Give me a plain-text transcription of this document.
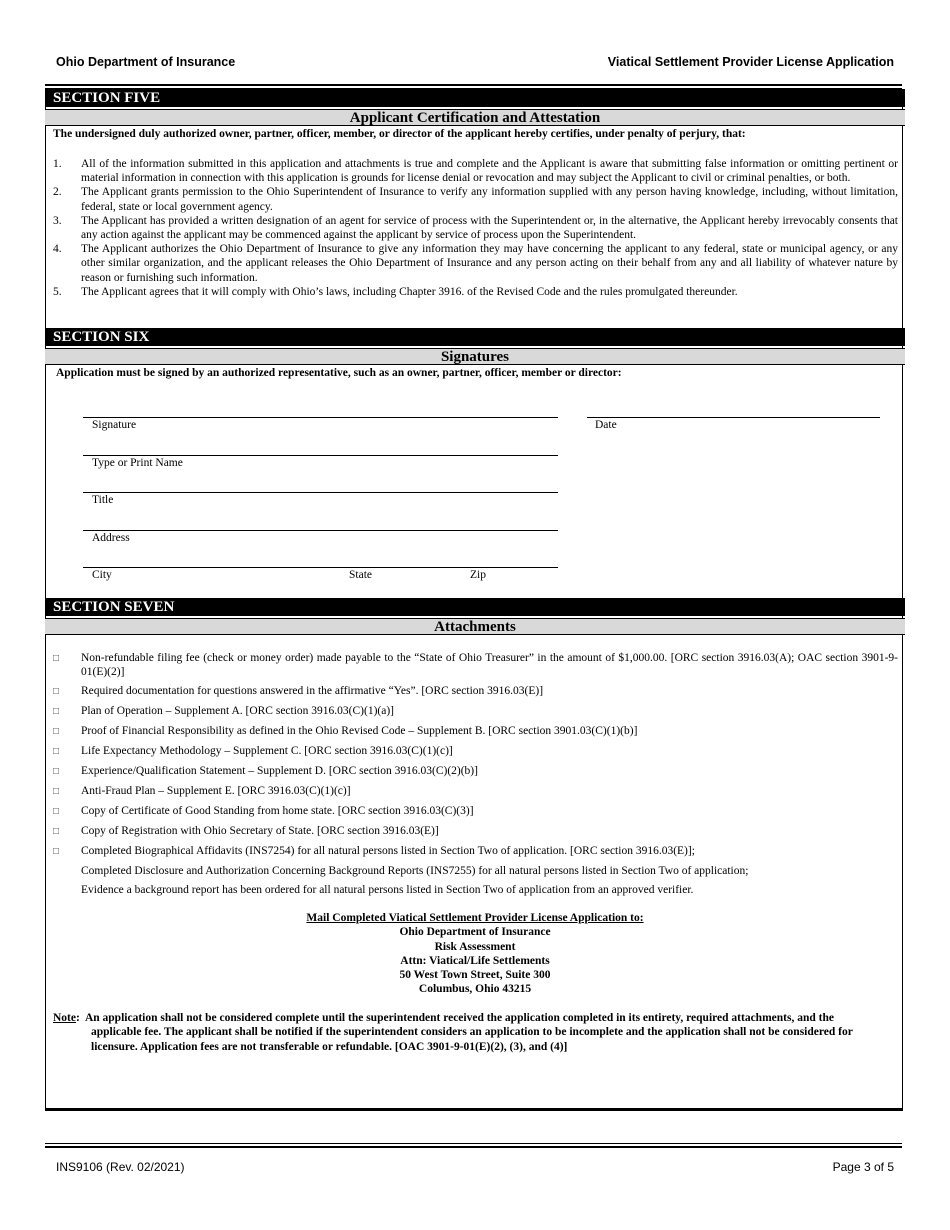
Ohio Department of Insurance	Viatical Settlement Provider License Application
SECTION FIVE
Applicant Certification and Attestation
The undersigned duly authorized owner, partner, officer, member, or director of the applicant hereby certifies, under penalty of perjury, that:
1.	All of the information submitted in this application and attachments is true and complete and the Applicant is aware that submitting false information or omitting pertinent or material information in connection with this application is grounds for license denial or revocation and may subject the Applicant to civil or criminal penalties, or both.
2.	The Applicant grants permission to the Ohio Superintendent of Insurance to verify any information supplied with any person having knowledge, including, without limitation, federal, state or local government agency.
3.	The Applicant has provided a written designation of an agent for service of process with the Superintendent or, in the alternative, the Applicant hereby irrevocably consents that any action against the applicant may be commenced against the applicant by service of process upon the Superintendent.
4.	The Applicant authorizes the Ohio Department of Insurance to give any information they may have concerning the applicant to any federal, state or municipal agency, or any other similar organization, and the applicant releases the Ohio Department of Insurance and any person acting on their behalf from any and all liability of whatever nature by reason or furnishing such information.
5.	The Applicant agrees that it will comply with Ohio’s laws, including Chapter 3916. of the Revised Code and the rules promulgated thereunder.
SECTION SIX
Signatures
Application must be signed by an authorized representative, such as an owner, partner, officer, member or director:
Signature	Date
Type or Print Name
Title
Address
City	State	Zip
SECTION SEVEN
Attachments
□	Non-refundable filing fee (check or money order) made payable to the “State of Ohio Treasurer” in the amount of $1,000.00. [ORC section 3916.03(A); OAC section 3901-9-01(E)(2)]
□	Required documentation for questions answered in the affirmative “Yes”. [ORC section 3916.03(E)]
□	Plan of Operation – Supplement A. [ORC section 3916.03(C)(1)(a)]
□	Proof of Financial Responsibility as defined in the Ohio Revised Code – Supplement B. [ORC section 3901.03(C)(1)(b)]
□	Life Expectancy Methodology – Supplement C. [ORC section 3916.03(C)(1)(c)]
□	Experience/Qualification Statement – Supplement D. [ORC section 3916.03(C)(2)(b)]
□	Anti-Fraud Plan – Supplement E. [ORC 3916.03(C)(1)(c)]
□	Copy of Certificate of Good Standing from home state. [ORC section 3916.03(C)(3)]
□	Copy of Registration with Ohio Secretary of State. [ORC section 3916.03(E)]
□	Completed Biographical Affidavits (INS7254) for all natural persons listed in Section Two of application. [ORC section 3916.03(E)];
Completed Disclosure and Authorization Concerning Background Reports (INS7255) for all natural persons listed in Section Two of application;
Evidence a background report has been ordered for all natural persons listed in Section Two of application from an approved verifier.
Mail Completed Viatical Settlement Provider License Application to:
Ohio Department of Insurance
Risk Assessment
Attn: Viatical/Life Settlements
50 West Town Street, Suite 300
Columbus, Ohio 43215
Note:  An application shall not be considered complete until the superintendent received the application completed in its entirety, required attachments, and the applicable fee. The applicant shall be notified if the superintendent considers an application to be incomplete and the application shall not be considered for licensure. Application fees are not transferable or refundable. [OAC 3901-9-01(E)(2), (3), and (4)]
INS9106 (Rev. 02/2021)	Page 3 of 5
